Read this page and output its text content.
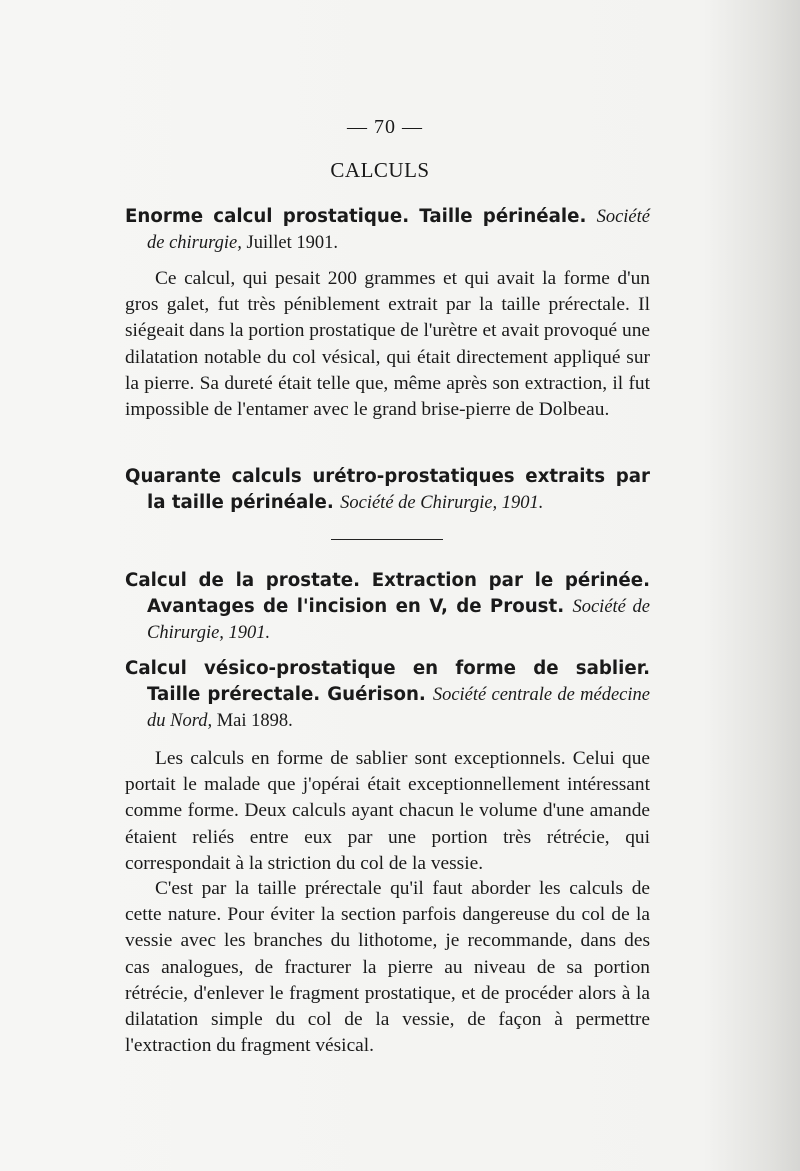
— 70 —
CALCULS
Enorme calcul prostatique. Taille périnéale. Société de chirurgie, Juillet 1901.

Ce calcul, qui pesait 200 grammes et qui avait la forme d'un gros galet, fut très péniblement extrait par la taille prérectale. Il siégeait dans la portion prostatique de l'urètre et avait provoqué une dilatation notable du col vésical, qui était directement appliqué sur la pierre. Sa dureté était telle que, même après son extraction, il fut impossible de l'entamer avec le grand brise-pierre de Dolbeau.

Quarante calculs urétro-prostatiques extraits par la taille périnéale. Société de Chirurgie, 1901.
Calcul de la prostate. Extraction par le périnée. Avantages de l'incision en V, de Proust. Société de Chirurgie, 1901.
Calcul vésico-prostatique en forme de sablier. Taille prérectale. Guérison. Société centrale de médecine du Nord, Mai 1898.

Les calculs en forme de sablier sont exceptionnels. Celui que portait le malade que j'opérai était exceptionnellement intéressant comme forme. Deux calculs ayant chacun le volume d'une amande étaient reliés entre eux par une portion très rétrécie, qui correspondait à la striction du col de la vessie.

C'est par la taille prérectale qu'il faut aborder les calculs de cette nature. Pour éviter la section parfois dangereuse du col de la vessie avec les branches du lithotome, je recommande, dans des cas analogues, de fracturer la pierre au niveau de sa portion rétrécie, d'enlever le fragment prostatique, et de procéder alors à la dilatation simple du col de la vessie, de façon à permettre l'extraction du fragment vésical.
